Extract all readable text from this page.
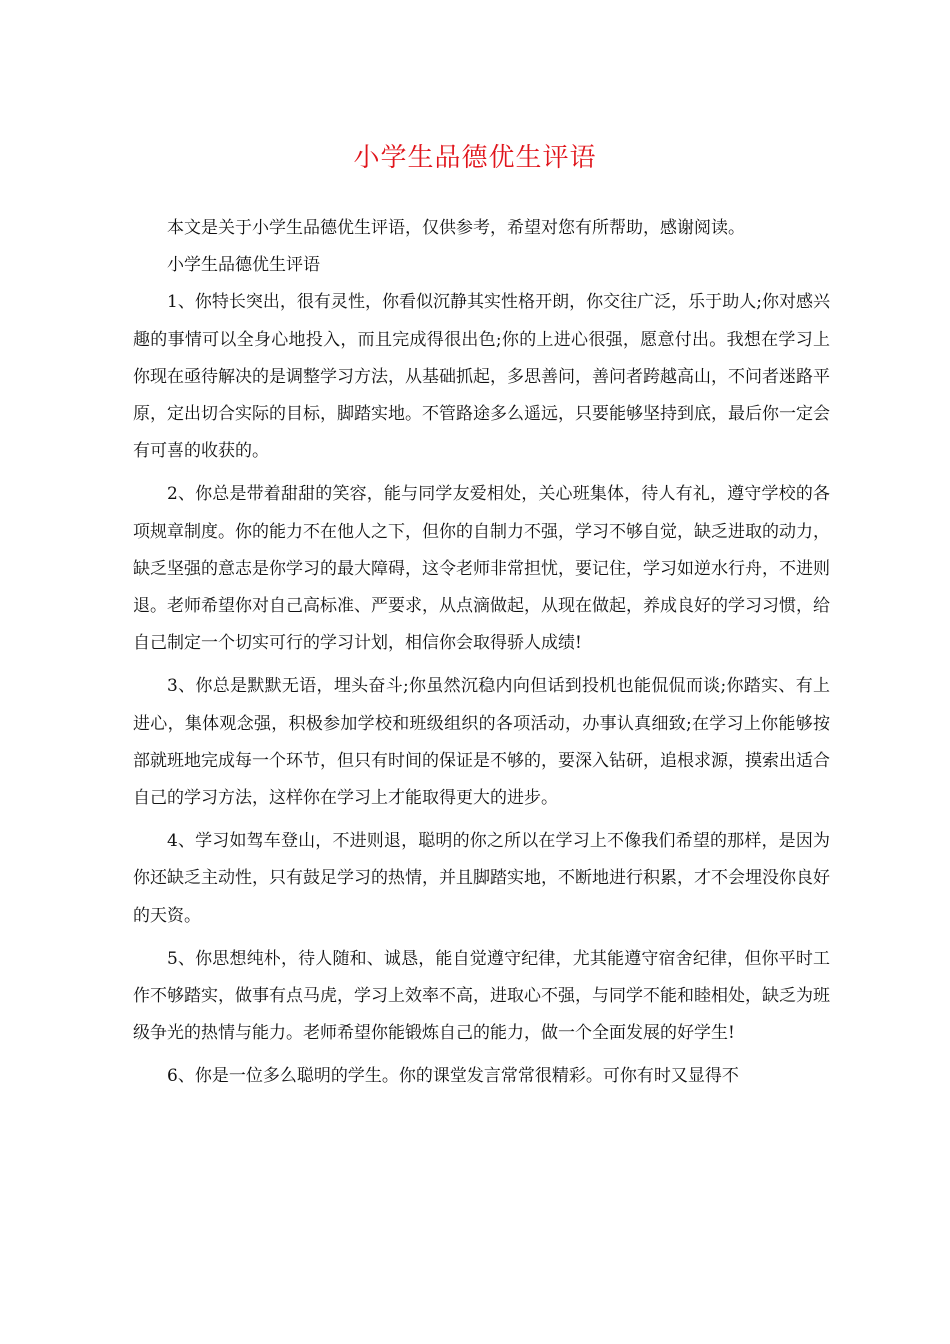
小学生品德优生评语

本文是关于小学生品德优生评语，仅供参考，希望对您有所帮助，感谢阅读。

小学生品德优生评语

1、你特长突出，很有灵性，你看似沉静其实性格开朗，你交往广泛，乐于助人;你对感兴趣的事情可以全身心地投入，而且完成得很出色;你的上进心很强，愿意付出。我想在学习上你现在亟待解决的是调整学习方法，从基础抓起，多思善问，善问者跨越高山，不问者迷路平原，定出切合实际的目标，脚踏实地。不管路途多么遥远，只要能够坚持到底，最后你一定会有可喜的收获的。

2、你总是带着甜甜的笑容，能与同学友爱相处，关心班集体，待人有礼，遵守学校的各项规章制度。你的能力不在他人之下，但你的自制力不强，学习不够自觉，缺乏进取的动力，缺乏坚强的意志是你学习的最大障碍，这令老师非常担忧，要记住，学习如逆水行舟，不进则退。老师希望你对自己高标准、严要求，从点滴做起，从现在做起，养成良好的学习习惯，给自己制定一个切实可行的学习计划，相信你会取得骄人成绩!

3、你总是默默无语，埋头奋斗;你虽然沉稳内向但话到投机也能侃侃而谈;你踏实、有上进心，集体观念强，积极参加学校和班级组织的各项活动，办事认真细致;在学习上你能够按部就班地完成每一个环节，但只有时间的保证是不够的，要深入钻研，追根求源，摸索出适合自己的学习方法，这样你在学习上才能取得更大的进步。

4、学习如驾车登山，不进则退，聪明的你之所以在学习上不像我们希望的那样，是因为你还缺乏主动性，只有鼓足学习的热情，并且脚踏实地，不断地进行积累，才不会埋没你良好的天资。

5、你思想纯朴，待人随和、诚恳，能自觉遵守纪律，尤其能遵守宿舍纪律，但你平时工作不够踏实，做事有点马虎，学习上效率不高，进取心不强，与同学不能和睦相处，缺乏为班级争光的热情与能力。老师希望你能锻炼自己的能力，做一个全面发展的好学生!

6、你是一位多么聪明的学生。你的课堂发言常常很精彩。可你有时又显得不
